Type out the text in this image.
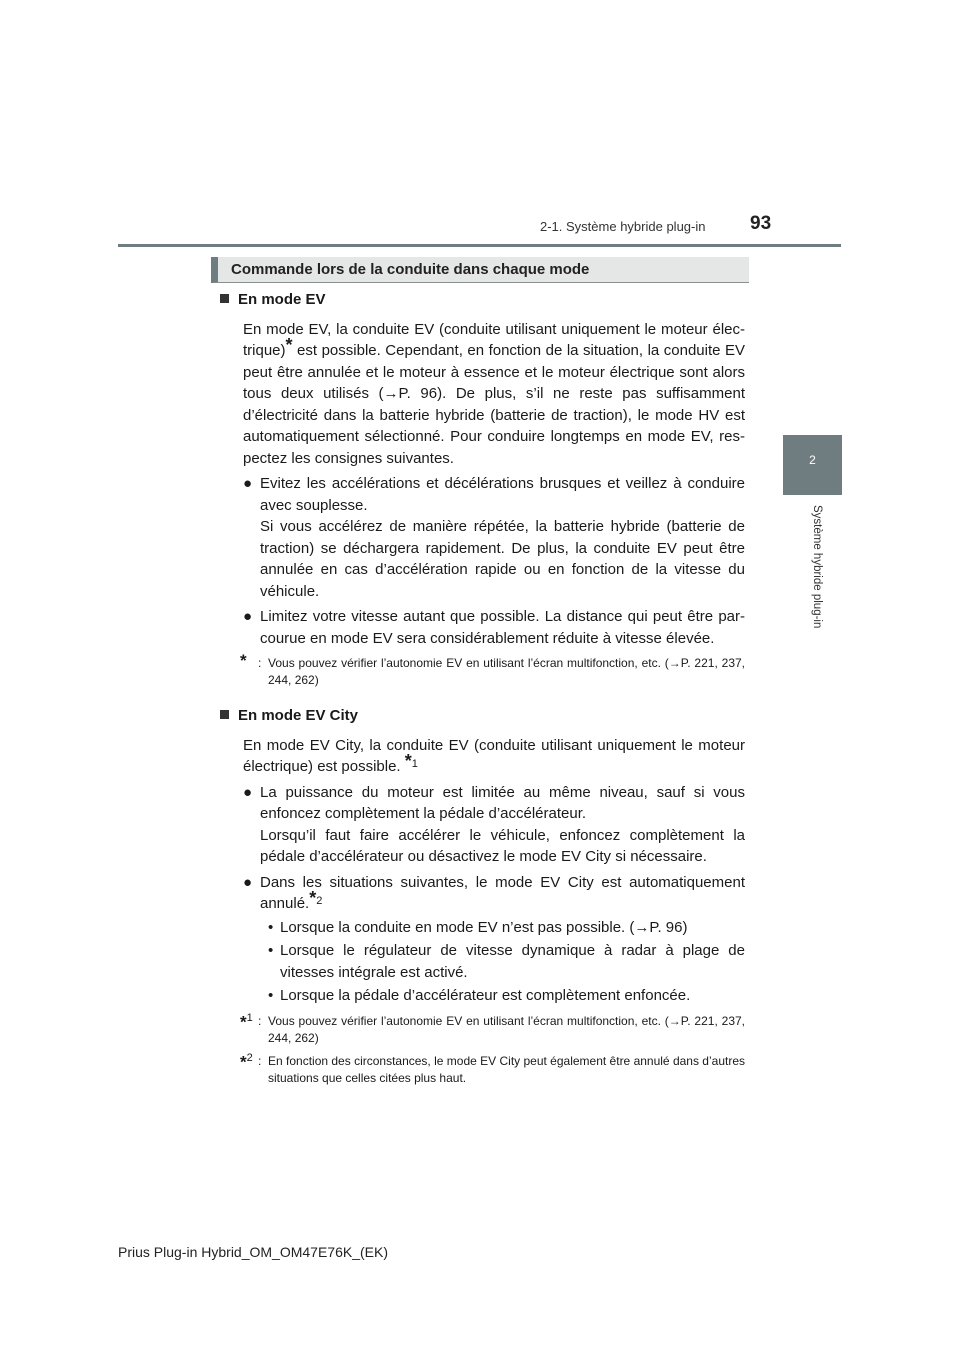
2-1. Système hybride plug-in 93
2
Système hybride plug-in
Commande lors de la conduite dans chaque mode
En mode EV
En mode EV, la conduite EV (conduite utilisant uniquement le moteur élec-trique)* est possible. Cependant, en fonction de la situation, la conduite EV peut être annulée et le moteur à essence et le moteur électrique sont alors tous deux utilisés (→P. 96). De plus, s’il ne reste pas suffisamment d’électricité dans la batterie hybride (batterie de traction), le mode HV est automatiquement sélectionné. Pour conduire longtemps en mode EV, res-pectez les consignes suivantes.
● Evitez les accélérations et décélérations brusques et veillez à conduire avec souplesse.
Si vous accélérez de manière répétée, la batterie hybride (batterie de traction) se déchargera rapidement. De plus, la conduite EV peut être annulée en cas d’accélération rapide ou en fonction de la vitesse du véhicule.
● Limitez votre vitesse autant que possible. La distance qui peut être par-courue en mode EV sera considérablement réduite à vitesse élevée.
* : Vous pouvez vérifier l’autonomie EV en utilisant l’écran multifonction, etc. (→P. 221, 237, 244, 262)
En mode EV City
En mode EV City, la conduite EV (conduite utilisant uniquement le moteur électrique) est possible. $^{*1}$
● La puissance du moteur est limitée au même niveau, sauf si vous enfoncez complètement la pédale d’accélérateur.
Lorsqu’il faut faire accélérer le véhicule, enfoncez complètement la pédale d’accélérateur ou désactivez le mode EV City si nécessaire.
● Dans les situations suivantes, le mode EV City est automatiquement annulé.$^{*2}$
• Lorsque la conduite en mode EV n’est pas possible. (→P. 96)
• Lorsque le régulateur de vitesse dynamique à radar à plage de vitesses intégrale est activé.
• Lorsque la pédale d’accélérateur est complètement enfoncée.
*$^1$ : Vous pouvez vérifier l’autonomie EV en utilisant l’écran multifonction, etc. (→P. 221, 237, 244, 262)
*$^2$ : En fonction des circonstances, le mode EV City peut également être annulé dans d’autres situations que celles citées plus haut.
Prius Plug-in Hybrid_OM_OM47E76K_(EK)
